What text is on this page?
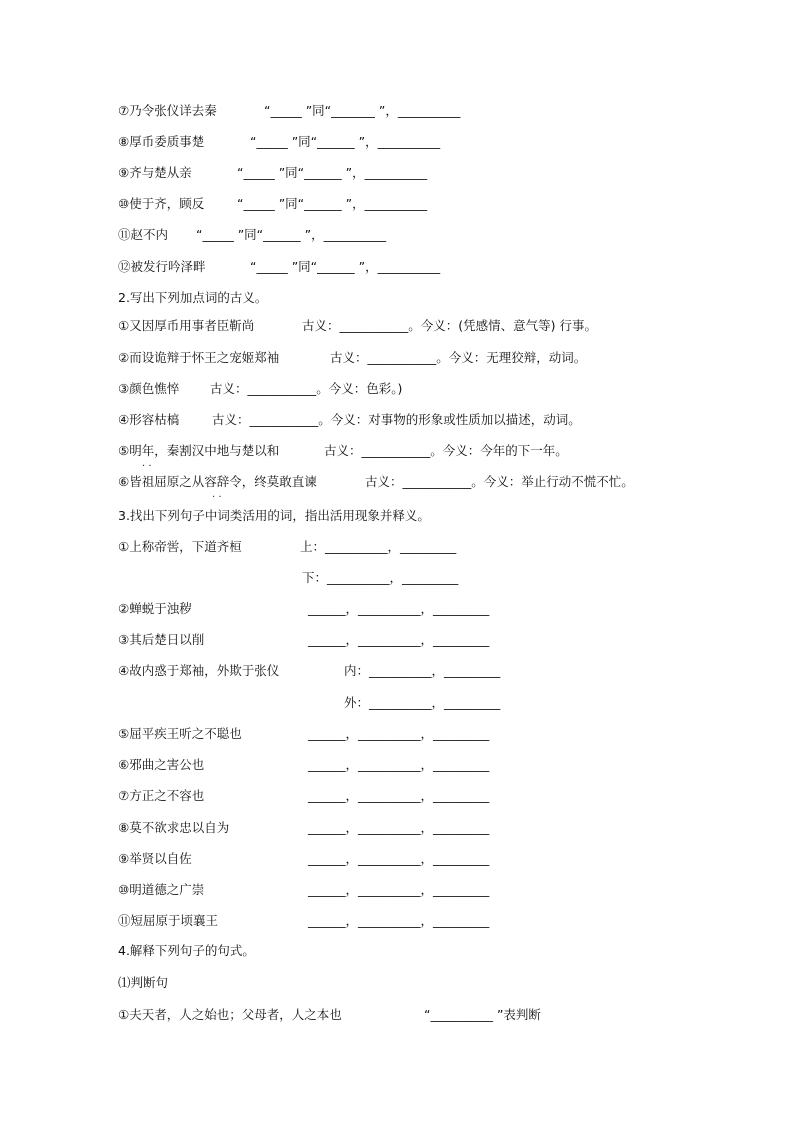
⑦乃令张仪详去秦	“_____ ”同“_______ ”，__________
⑧厚币委质事楚	“_____ ”同“______ ”，__________
⑨齐与楚从亲	“_____ ”同“______ ”，__________
⑩使于齐，顾反	“_____ ”同“______ ”，__________
⑪赵不内 “_____ ”同“______ ”，__________
⑫被发行吟泽畔	“_____ ”同“______ ”，__________
2.写出下列加点词的古义。
①又因厚币用事者臣靳尚	古义：___________。今义：(凭感情、意气等) 行事。
②而设诡辩于怀王之宠姬郑袖	古义：___________。今义：无理狡辩，动词。
③颜色憔悴 古义：___________。今义：色彩。)
④形容枯槁	古义：___________。今义：对事物的形象或性质加以描述，动词。
⑤明年，秦割汉中地与楚以和	古义：___________。今义：今年的下一年。
· ·
⑥皆祖屈原之从容辞令，终莫敢直谏	古义：___________。今义：举止行动不慌不忙。
· ·
3.找出下列句子中词类活用的词，指出活用现象并释义。
①上称帝喾，下道齐桓	上：__________，_________
下：__________，_________
②蝉蜕于浊秽	______，__________，_________
③其后楚日以削	______，__________，_________
④故内惑于郑袖，外欺于张仪	内：__________，_________
外：__________，_________
⑤屈平疾王听之不聪也	______，__________，_________
⑥邪曲之害公也	______，__________，_________
⑦方正之不容也	______，__________，_________
⑧莫不欲求忠以自为	______，__________，_________
⑨举贤以自佐	______，__________，_________
⑩明道德之广崇	______，__________，_________
⑪短屈原于顷襄王	______，__________，_________
4.解释下列句子的句式。
⑴判断句
①夫天者，人之始也；父母者，人之本也	“__________ ”表判断
